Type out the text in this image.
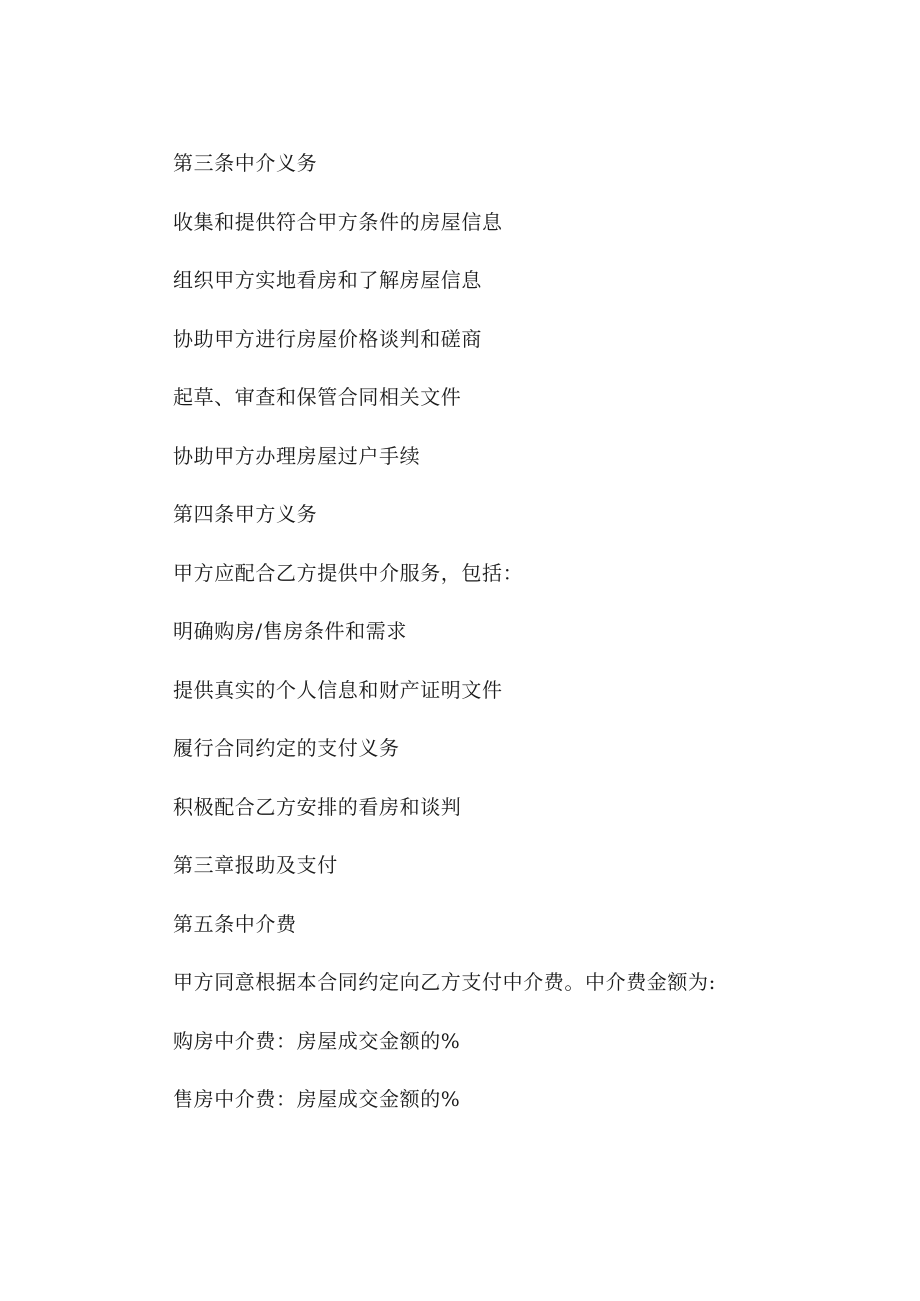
第三条中介义务
收集和提供符合甲方条件的房屋信息
组织甲方实地看房和了解房屋信息
协助甲方进行房屋价格谈判和磋商
起草、审查和保管合同相关文件
协助甲方办理房屋过户手续
第四条甲方义务
甲方应配合乙方提供中介服务，包括：
明确购房/售房条件和需求
提供真实的个人信息和财产证明文件
履行合同约定的支付义务
积极配合乙方安排的看房和谈判
第三章报助及支付
第五条中介费
甲方同意根据本合同约定向乙方支付中介费。中介费金额为:
购房中介费：房屋成交金额的%
售房中介费：房屋成交金额的%
